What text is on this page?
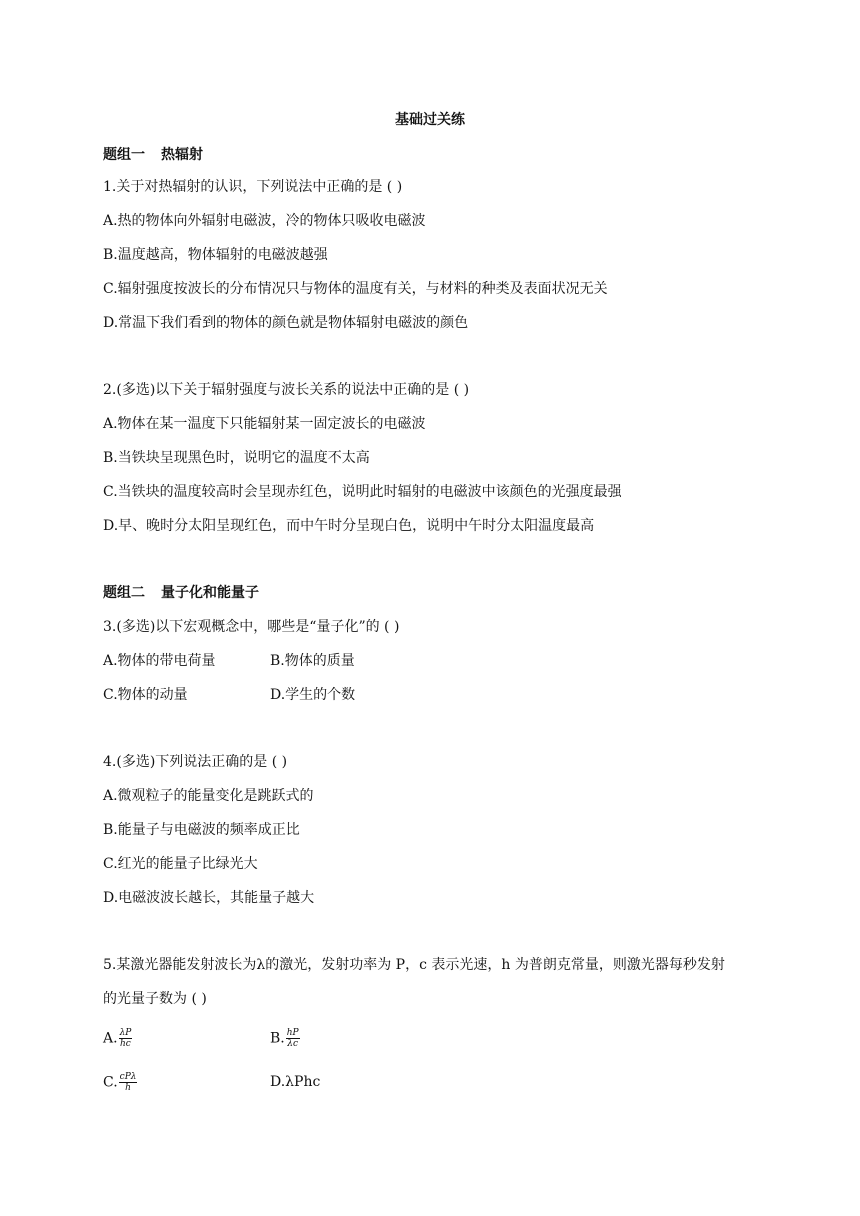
基础过关练
题组一 热辐射
1.关于对热辐射的认识，下列说法中正确的是 ( )
A.热的物体向外辐射电磁波，冷的物体只吸收电磁波
B.温度越高，物体辐射的电磁波越强
C.辐射强度按波长的分布情况只与物体的温度有关，与材料的种类及表面状况无关
D.常温下我们看到的物体的颜色就是物体辐射电磁波的颜色
2.(多选)以下关于辐射强度与波长关系的说法中正确的是 ( )
A.物体在某一温度下只能辐射某一固定波长的电磁波
B.当铁块呈现黑色时，说明它的温度不太高
C.当铁块的温度较高时会呈现赤红色，说明此时辐射的电磁波中该颜色的光强度最强
D.早、晚时分太阳呈现红色，而中午时分呈现白色，说明中午时分太阳温度最高
题组二 量子化和能量子
3.(多选)以下宏观概念中，哪些是“量子化”的 ( )
A.物体的带电荷量	B.物体的质量
C.物体的动量	D.学生的个数
4.(多选)下列说法正确的是 ( )
A.微观粒子的能量变化是跳跃式的
B.能量子与电磁波的频率成正比
C.红光的能量子比绿光大
D.电磁波波长越长，其能量子越大
5.某激光器能发射波长为λ的激光，发射功率为 P，c 表示光速，h 为普朗克常量，则激光器每秒发射
的光量子数为 ( )
A. $\frac{\lambda P}{hc}$	B. $\frac{hP}{\lambda c}$
C. $\frac{\text{cPλ}}{h}$	D.λPhc
